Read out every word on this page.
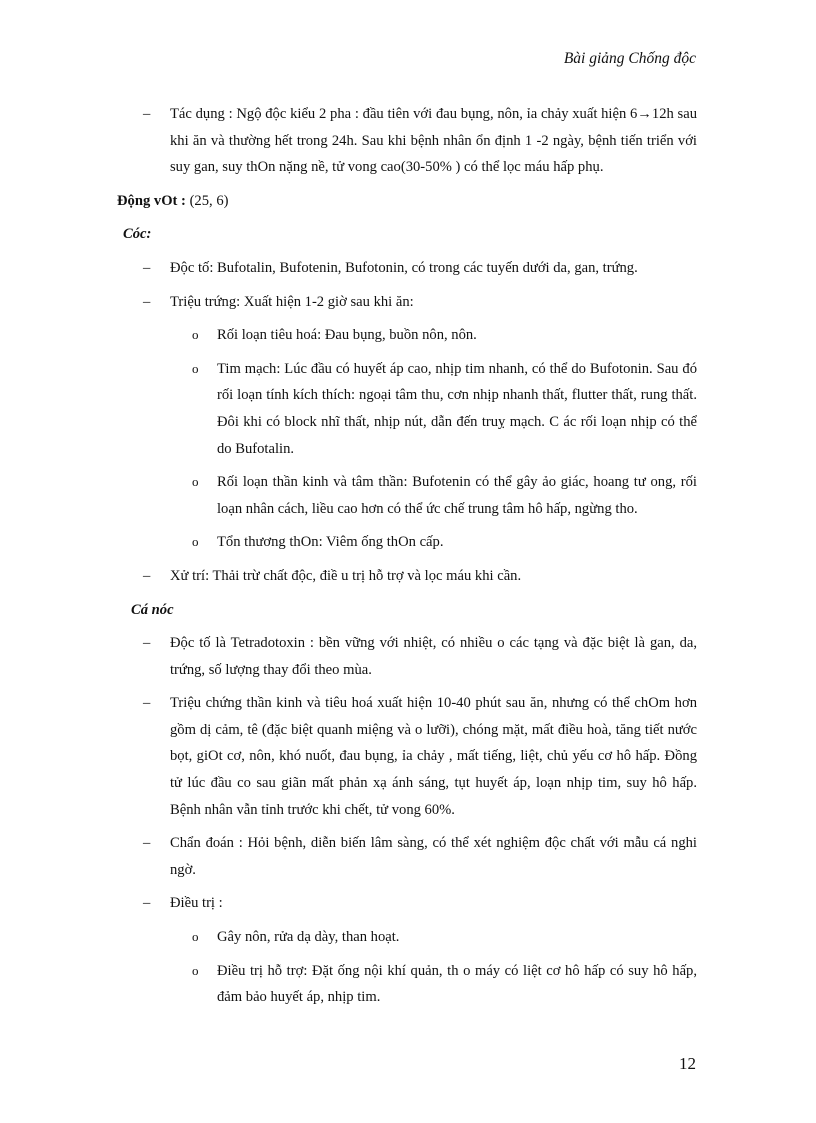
Bài giảng Chống độc
– Tác dụng : Ngộ độc kiểu 2 pha : đầu tiên với đau bụng, nôn, ỉa chảy xuất hiện 6→12h sau khi ăn và thường hết trong 24h. Sau khi bệnh nhân ổn định 1 -2 ngày, bệnh tiến triển với suy gan, suy thOn nặng nề, tử vong cao(30-50% ) có thể lọc máu hấp phụ.
Động vOt : (25, 6)
Cóc:
– Độc tố: Bufotalin, Bufotenin, Bufotonin, có trong các tuyến dưới da, gan, trứng.
– Triệu trứng: Xuất hiện 1-2 giờ sau khi ăn:
o Rối loạn tiêu hoá: Đau bụng, buồn nôn, nôn.
o Tim mạch: Lúc đầu có huyết áp cao, nhịp tim nhanh, có thể do Bufotonin. Sau đó rối loạn tính kích thích: ngoại tâm thu, cơn nhịp nhanh thất, flutter thất, rung thất. Đôi khi có block nhĩ thất, nhịp nút, dẫn đến truỵ mạch. C ác rối loạn nhịp có thể do Bufotalin.
o Rối loạn thần kinh và tâm thần: Bufotenin có thể gây ảo giác, hoang tư ong, rối loạn nhân cách, liều cao hơn có thể ức chế trung tâm hô hấp, ngừng tho.
o Tổn thương thOn: Viêm ống thOn cấp.
– Xử trí: Thải trừ chất độc, điề u trị hỗ trợ và lọc máu khi cần.
Cá nóc
– Độc tố là Tetradotoxin : bền vững với nhiệt, có nhiều o các tạng và đặc biệt là gan, da, trứng, số lượng thay đổi theo mùa.
– Triệu chứng thần kinh và tiêu hoá xuất hiện 10-40 phút sau ăn, nhưng có thể chOm hơn gồm dị cảm, tê (đặc biệt quanh miệng và o lưỡi), chóng mặt, mất điều hoà, tăng tiết nước bọt, giOt cơ, nôn, khó nuốt, đau bụng, ỉa chảy , mất tiếng, liệt, chủ yếu cơ hô hấp. Đồng tử lúc đầu co sau giãn mất phản xạ ánh sáng, tụt huyết áp, loạn nhịp tim, suy hô hấp. Bệnh nhân vẫn tỉnh trước khi chết, tử vong 60%.
– Chẩn đoán : Hỏi bệnh, diễn biến lâm sàng, có thể xét nghiệm độc chất với mẫu cá nghi ngờ.
– Điều trị :
o Gây nôn, rửa dạ dày, than hoạt.
o Điều trị hỗ trợ: Đặt ống nội khí quản, th o máy có liệt cơ hô hấp có suy hô hấp, đảm bảo huyết áp, nhịp tim.
12
